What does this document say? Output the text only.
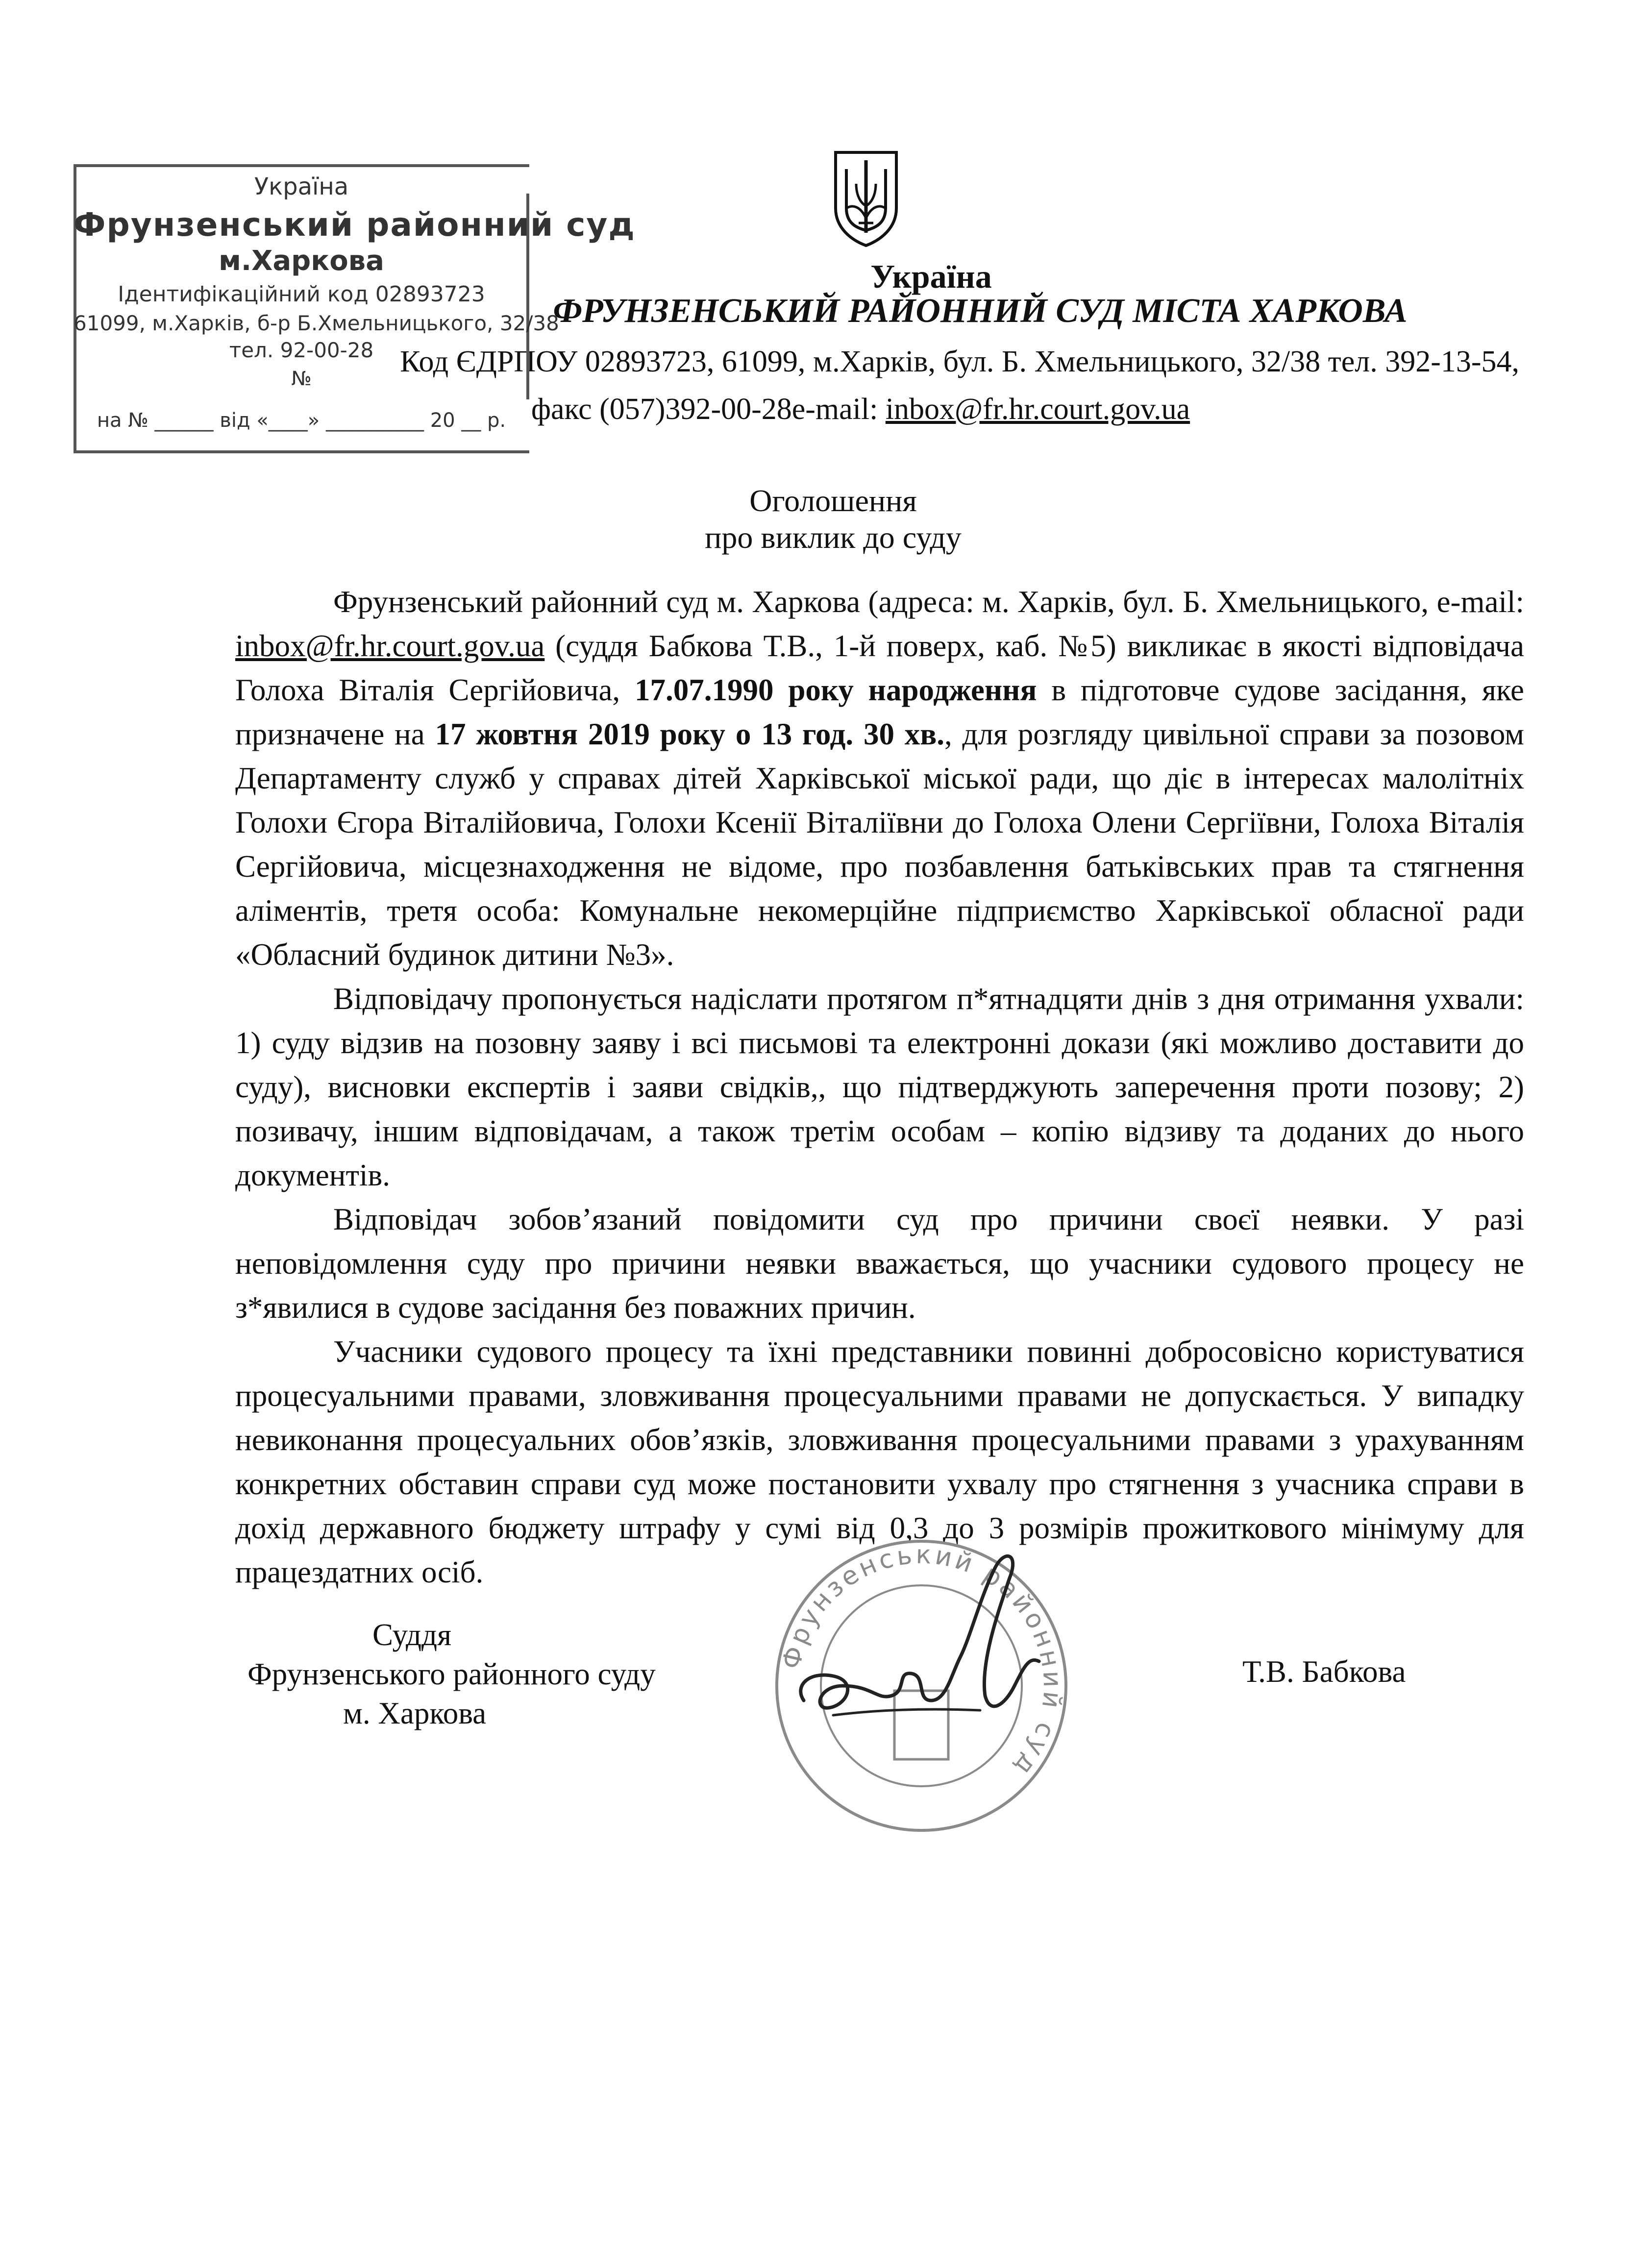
Україна
ФРУНЗЕНСЬКИЙ РАЙОННИЙ СУД МІСТА ХАРКОВА
Код ЄДРПОУ 02893723, 61099, м.Харків, бул. Б. Хмельницького, 32/38 тел. 392-13-54,
факс (057)392-00-28e-mail: inbox@fr.hr.court.gov.ua
Україна
Фрунзенський районний суд
м.Харкова
Ідентифікаційний код 02893723
61099, м.Харків, б-р Б.Хмельницького, 32/38
тел. 92-00-28
№
на № ______ від «____» __________ 20 __ р.
Оголошення
про виклик до суду

Фрунзенський районний суд м. Харкова (адреса: м. Харків, бул. Б. Хмельницького, e-mail: inbox@fr.hr.court.gov.ua (суддя Бабкова Т.В., 1-й поверх, каб. №5) викликає в якості відповідача Голоха Віталія Сергійовича, 17.07.1990 року народження в підготовче судове засідання, яке призначене на 17 жовтня 2019 року о 13 год. 30 хв., для розгляду цивільної справи за позовом Департаменту служб у справах дітей Харківської міської ради, що діє в інтересах малолітніх Голохи Єгора Віталійовича, Голохи Ксенії Віталіївни до Голоха Олени Сергіївни, Голоха Віталія Сергійовича, місцезнаходження не відоме, про позбавлення батьківських прав та стягнення аліментів, третя особа: Комунальне некомерційне підприємство Харківської обласної ради «Обласний будинок дитини №3».

Відповідачу пропонується надіслати протягом п*ятнадцяти днів з дня отримання ухвали: 1) суду відзив на позовну заяву і всі письмові та електронні докази (які можливо доставити до суду), висновки експертів і заяви свідків,, що підтверджують заперечення проти позову; 2) позивачу, іншим відповідачам, а також третім особам – копію відзиву та доданих до нього документів.

Відповідач зобов’язаний повідомити суд про причини своєї неявки. У разі неповідомлення суду про причини неявки вважається, що учасники судового процесу не з*явилися в судове засідання без поважних причин.

Учасники судового процесу та їхні представники повинні добросовісно користуватися процесуальними правами, зловживання процесуальними правами не допускається. У випадку невиконання процесуальних обов’язків, зловживання процесуальними правами з урахуванням конкретних обставин справи суд може постановити ухвалу про стягнення з учасника справи в дохід державного бюджету штрафу у сумі від 0,3 до 3 розмірів прожиткового мінімуму для працездатних осіб.

Фрунзенський районний суд
Суддя
Фрунзенського районного суду
м. Харкова
Т.В. Бабкова
